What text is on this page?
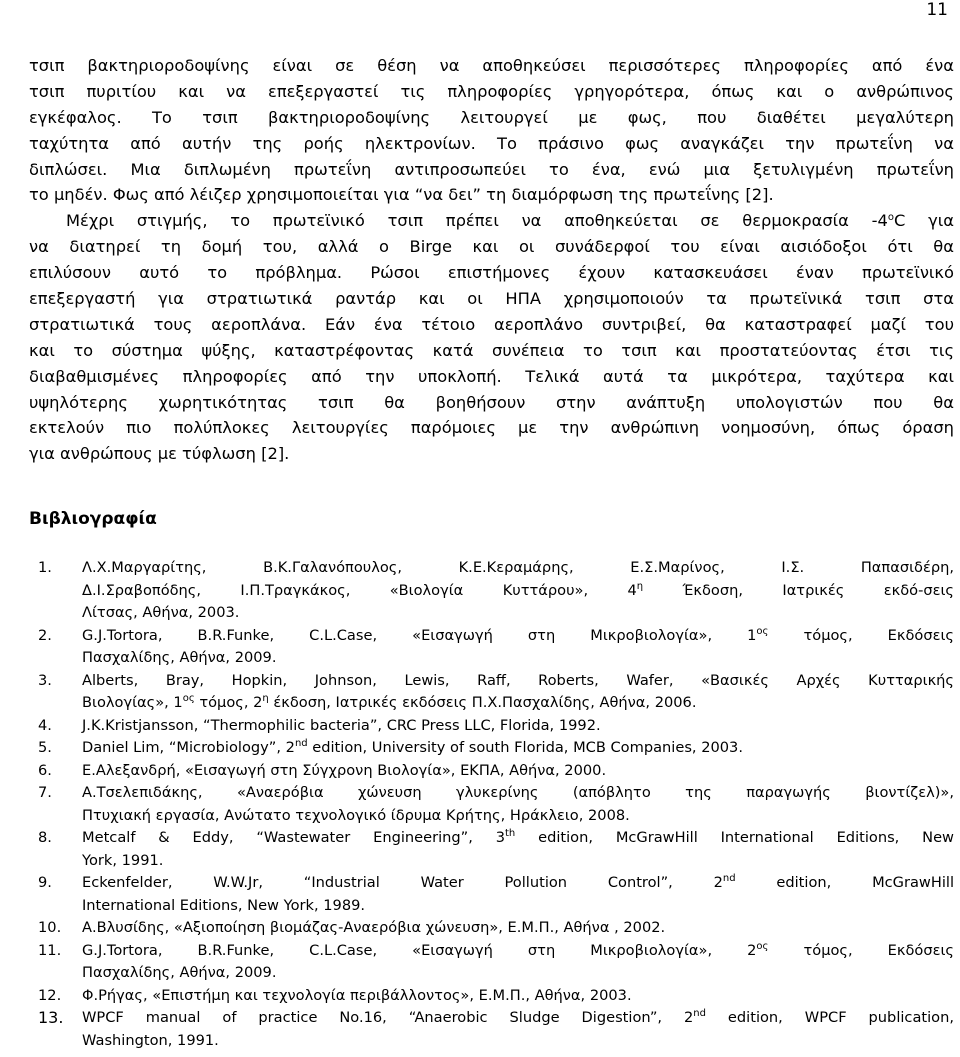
11
τσιπ βακτηριοροδοψίνης είναι σε θέση να αποθηκεύσει περισσότερες πληροφορίες από ένα
τσιπ πυριτίου και να επεξεργαστεί τις πληροφορίες γρηγορότερα, όπως και ο ανθρώπινος
εγκέφαλος. Το τσιπ βακτηριοροδοψίνης λειτουργεί με φως, που διαθέτει μεγαλύτερη
ταχύτητα από αυτήν της ροής ηλεκτρονίων. Το πράσινο φως αναγκάζει την πρωτεΐνη να
διπλώσει. Μια διπλωμένη πρωτεΐνη αντιπροσωπεύει το ένα, ενώ μια ξετυλιγμένη πρωτεΐνη
το μηδέν. Φως από λέιζερ χρησιμοποιείται για “να δει” τη διαμόρφωση της πρωτεΐνης [2].
Μέχρι στιγμής, το πρωτεϊνικό τσιπ πρέπει να αποθηκεύεται σε θερμοκρασία -4$^o$C για
να διατηρεί τη δομή του, αλλά ο Birge και οι συνάδερφοί του είναι αισιόδοξοι ότι θα
επιλύσουν αυτό το πρόβλημα. Ρώσοι επιστήμονες έχουν κατασκευάσει έναν πρωτεϊνικό
επεξεργαστή για στρατιωτικά ραντάρ και οι ΗΠΑ χρησιμοποιούν τα πρωτεϊνικά τσιπ στα
στρατιωτικά τους αεροπλάνα. Εάν ένα τέτοιο αεροπλάνο συντριβεί, θα καταστραφεί μαζί του
και το σύστημα ψύξης, καταστρέφοντας κατά συνέπεια το τσιπ και προστατεύοντας έτσι τις
διαβαθμισμένες πληροφορίες από την υποκλοπή. Τελικά αυτά τα μικρότερα, ταχύτερα και
υψηλότερης χωρητικότητας τσιπ θα βοηθήσουν στην ανάπτυξη υπολογιστών που θα
εκτελούν πιο πολύπλοκες λειτουργίες παρόμοιες με την ανθρώπινη νοημοσύνη, όπως όραση
για ανθρώπους με τύφλωση [2].
Βιβλιογραφία
1.	Λ.Χ.Μαργαρίτης, Β.Κ.Γαλανόπουλος, Κ.Ε.Κεραμάρης, Ε.Σ.Μαρίνος, Ι.Σ. Παπασιδέρη,
Δ.Ι.Σραβοπόδης, Ι.Π.Τραγκάκος, «Βιολογία Κυττάρου», $4^\eta$ Έκδοση, Ιατρικές εκδό-σεις
Λίτσας, Αθήνα, 2003.
2.	G.J.Tortora, B.R.Funke, C.L.Case, «Εισαγωγή στη Μικροβιολογία», $1^{o\varsigma}$ τόμος, Εκδόσεις
Πασχαλίδης, Αθήνα, 2009.
3.	Alberts, Bray, Hopkin, Johnson, Lewis, Raff, Roberts, Wafer, «Βασικές Αρχές Κυτταρικής
Βιολογίας», $1^{o\varsigma}$ τόμος, $2^\eta$ έκδοση, Ιατρικές εκδόσεις Π.Χ.Πασχαλίδης, Αθήνα, 2006.
4.	J.K.Kristjansson, “Thermophilic bacteria”, CRC Press LLC, Florida, 1992.
5.	Daniel Lim, “Microbiology”, 2nd edition, University of south Florida, MCB Companies, 2003.
6.	Ε.Αλεξανδρή, «Εισαγωγή στη Σύγχρονη Βιολογία», ΕΚΠΑ, Αθήνα, 2000.
7.	Α.Τσελεπιδάκης, «Αναερόβια χώνευση γλυκερίνης (απόβλητο της παραγωγής βιοντίζελ)»,
Πτυχιακή εργασία, Ανώτατο τεχνολογικό ίδρυμα Κρήτης, Ηράκλειο, 2008.
8.	Metcalf & Eddy, “Wastewater Engineering”, 3th edition, McGrawHill International Editions, New
York, 1991.
9.	Eckenfelder, W.W.Jr, “Industrial Water Pollution Control”, 2nd edition, McGrawHill
International Editions, New York, 1989.
10.	Α.Βλυσίδης, «Αξιοποίηση βιομάζας-Αναερόβια χώνευση», Ε.Μ.Π., Αθήνα , 2002.
11.	G.J.Tortora, B.R.Funke, C.L.Case, «Εισαγωγή στη Μικροβιολογία», $2^{o\varsigma}$ τόμος, Εκδόσεις
Πασχαλίδης, Αθήνα, 2009.
12.	Φ.Ρήγας, «Επιστήμη και τεχνολογία περιβάλλοντος», Ε.Μ.Π., Αθήνα, 2003.
13.	WPCF manual of practice No.16, “Anaerobic Sludge Digestion”, 2nd edition, WPCF publication,
Washington, 1991.
